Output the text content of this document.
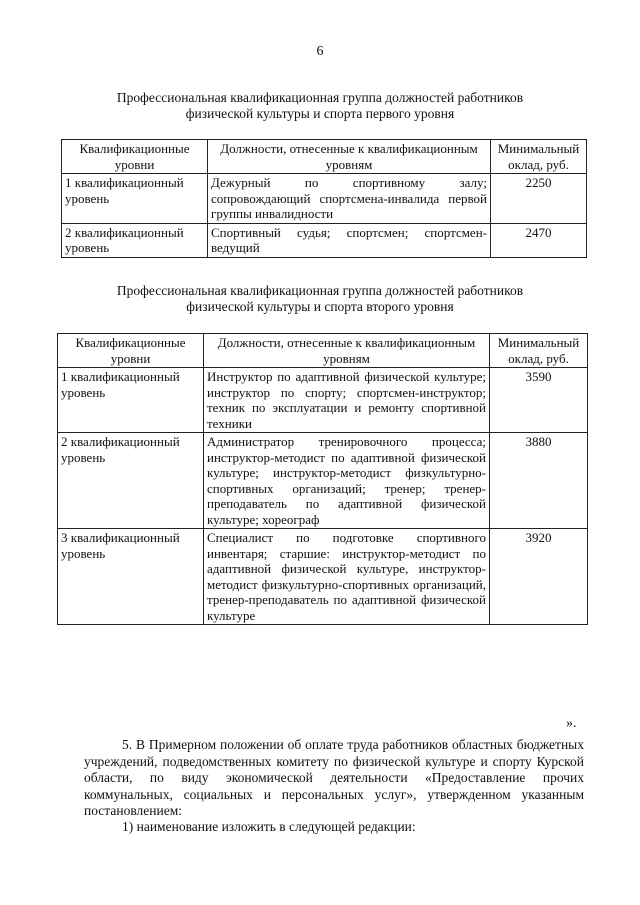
6
Профессиональная квалификационная группа должностей работников
физической культуры и спорта первого уровня
Квалификационные уровни	Должности, отнесенные к квалификационным уровням	Минимальный оклад, руб.
1 квалификационный уровень	Дежурный по спортивному залу; сопровождающий спортсмена-инвалида первой группы инвалидности	2250
2 квалификационный уровень	Спортивный судья; спортсмен; спортсмен-ведущий	2470
Профессиональная квалификационная группа должностей работников
физической культуры и спорта второго уровня
Квалификационные уровни	Должности, отнесенные к квалификационным уровням	Минимальный оклад, руб.
1 квалификационный уровень	Инструктор по адаптивной физической культуре; инструктор по спорту; спортсмен-инструктор; техник по эксплуатации и ремонту спортивной техники	3590
2 квалификационный уровень	Администратор тренировочного процесса; инструктор-методист по адаптивной физической культуре; инструктор-методист физкультурно-спортивных организаций; тренер; тренер-преподаватель по адаптивной физической культуре; хореограф	3880
3 квалификационный уровень	Специалист по подготовке спортивного инвентаря; старшие: инструктор-методист по адаптивной физической культуре, инструктор-методист физкультурно-спортивных организаций, тренер-преподаватель по адаптивной физической культуре	3920
».
5. В Примерном положении об оплате труда работников областных бюджетных учреждений, подведомственных комитету по физической культуре и спорту Курской области, по виду экономической деятельности «Предоставление прочих коммунальных, социальных и персональных услуг», утвержденном указанным постановлением:
1) наименование изложить в следующей редакции:
